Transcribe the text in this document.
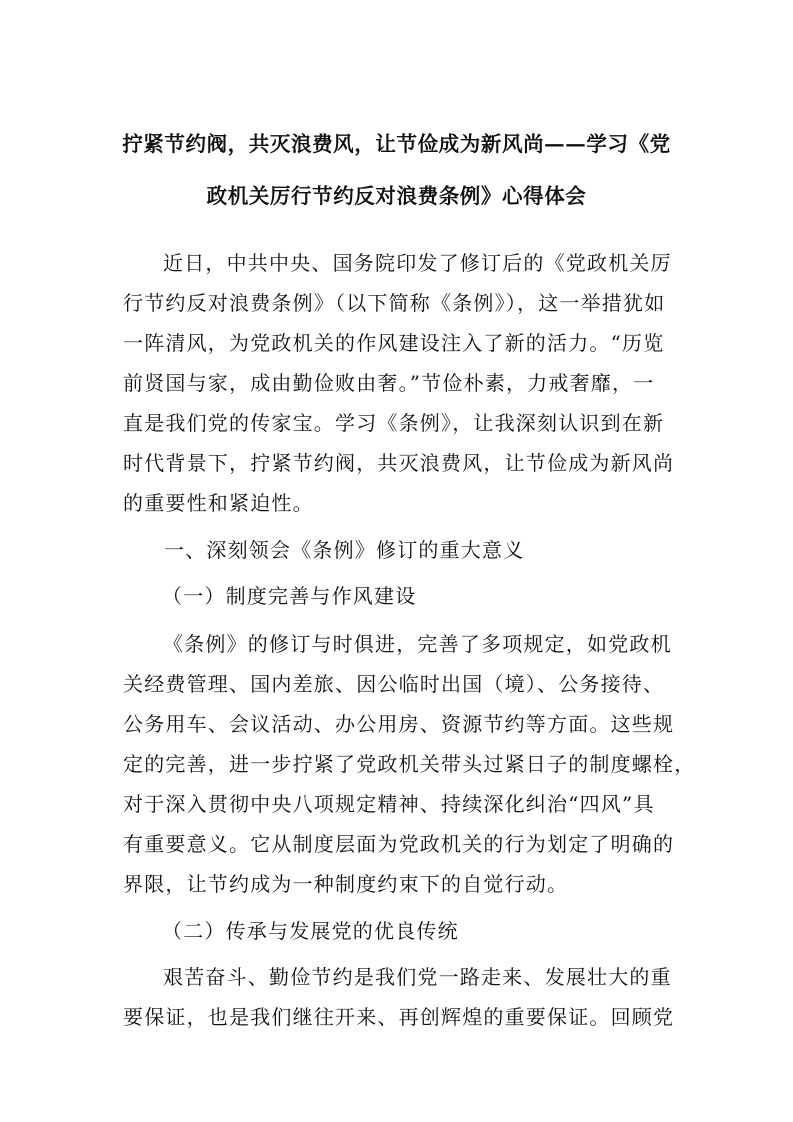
拧紧节约阀，共灭浪费风，让节俭成为新风尚——学习《党
政机关厉行节约反对浪费条例》心得体会
近日，中共中央、国务院印发了修订后的《党政机关厉
行节约反对浪费条例》（以下简称《条例》），这一举措犹如
一阵清风，为党政机关的作风建设注入了新的活力。“历览
前贤国与家，成由勤俭败由奢。”节俭朴素，力戒奢靡，一
直是我们党的传家宝。学习《条例》，让我深刻认识到在新
时代背景下，拧紧节约阀，共灭浪费风，让节俭成为新风尚
的重要性和紧迫性。
一、深刻领会《条例》修订的重大意义
（一）制度完善与作风建设
《条例》的修订与时俱进，完善了多项规定，如党政机
关经费管理、国内差旅、因公临时出国（境）、公务接待、
公务用车、会议活动、办公用房、资源节约等方面。这些规
定的完善，进一步拧紧了党政机关带头过紧日子的制度螺栓，
对于深入贯彻中央八项规定精神、持续深化纠治“四风”具
有重要意义。它从制度层面为党政机关的行为划定了明确的
界限，让节约成为一种制度约束下的自觉行动。
（二）传承与发展党的优良传统
艰苦奋斗、勤俭节约是我们党一路走来、发展壮大的重
要保证，也是我们继往开来、再创辉煌的重要保证。回顾党
